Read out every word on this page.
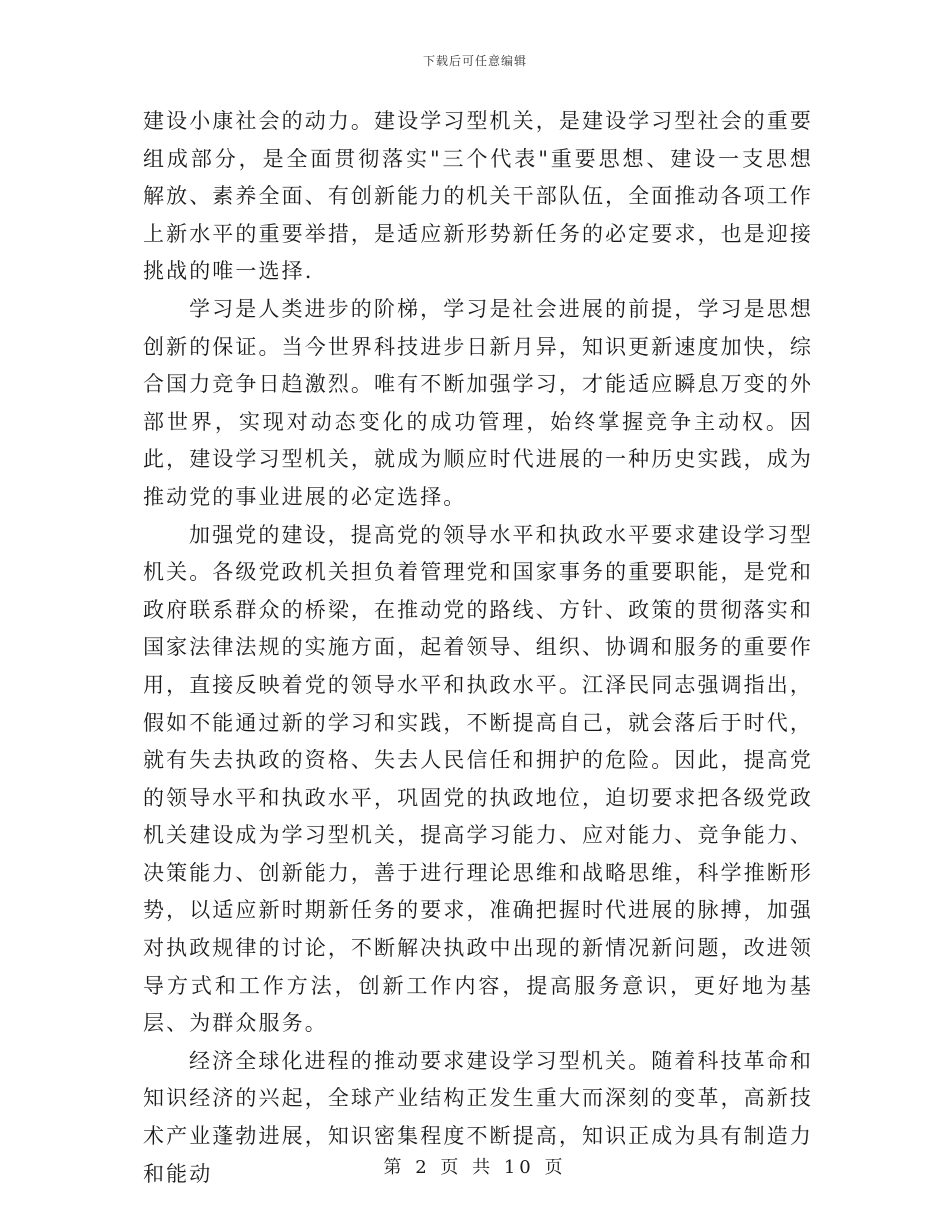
下载后可任意编辑

建设小康社会的动力。建设学习型机关，是建设学习型社会的重要组成部分，是全面贯彻落实"三个代表"重要思想、建设一支思想解放、素养全面、有创新能力的机关干部队伍，全面推动各项工作上新水平的重要举措，是适应新形势新任务的必定要求，也是迎接挑战的唯一选择.

学习是人类进步的阶梯，学习是社会进展的前提，学习是思想创新的保证。当今世界科技进步日新月异，知识更新速度加快，综合国力竞争日趋激烈。唯有不断加强学习，才能适应瞬息万变的外部世界，实现对动态变化的成功管理，始终掌握竞争主动权。因此，建设学习型机关，就成为顺应时代进展的一种历史实践，成为推动党的事业进展的必定选择。

加强党的建设，提高党的领导水平和执政水平要求建设学习型机关。各级党政机关担负着管理党和国家事务的重要职能，是党和政府联系群众的桥梁，在推动党的路线、方针、政策的贯彻落实和国家法律法规的实施方面，起着领导、组织、协调和服务的重要作用，直接反映着党的领导水平和执政水平。江泽民同志强调指出，假如不能通过新的学习和实践，不断提高自己，就会落后于时代，就有失去执政的资格、失去人民信任和拥护的危险。因此，提高党的领导水平和执政水平，巩固党的执政地位，迫切要求把各级党政机关建设成为学习型机关，提高学习能力、应对能力、竞争能力、决策能力、创新能力，善于进行理论思维和战略思维，科学推断形势，以适应新时期新任务的要求，准确把握时代进展的脉搏，加强对执政规律的讨论，不断解决执政中出现的新情况新问题，改进领导方式和工作方法，创新工作内容，提高服务意识，更好地为基层、为群众服务。

经济全球化进程的推动要求建设学习型机关。随着科技革命和知识经济的兴起，全球产业结构正发生重大而深刻的变革，高新技术产业蓬勃进展，知识密集程度不断提高，知识正成为具有制造力和能动	第 2 页 共 10 页
